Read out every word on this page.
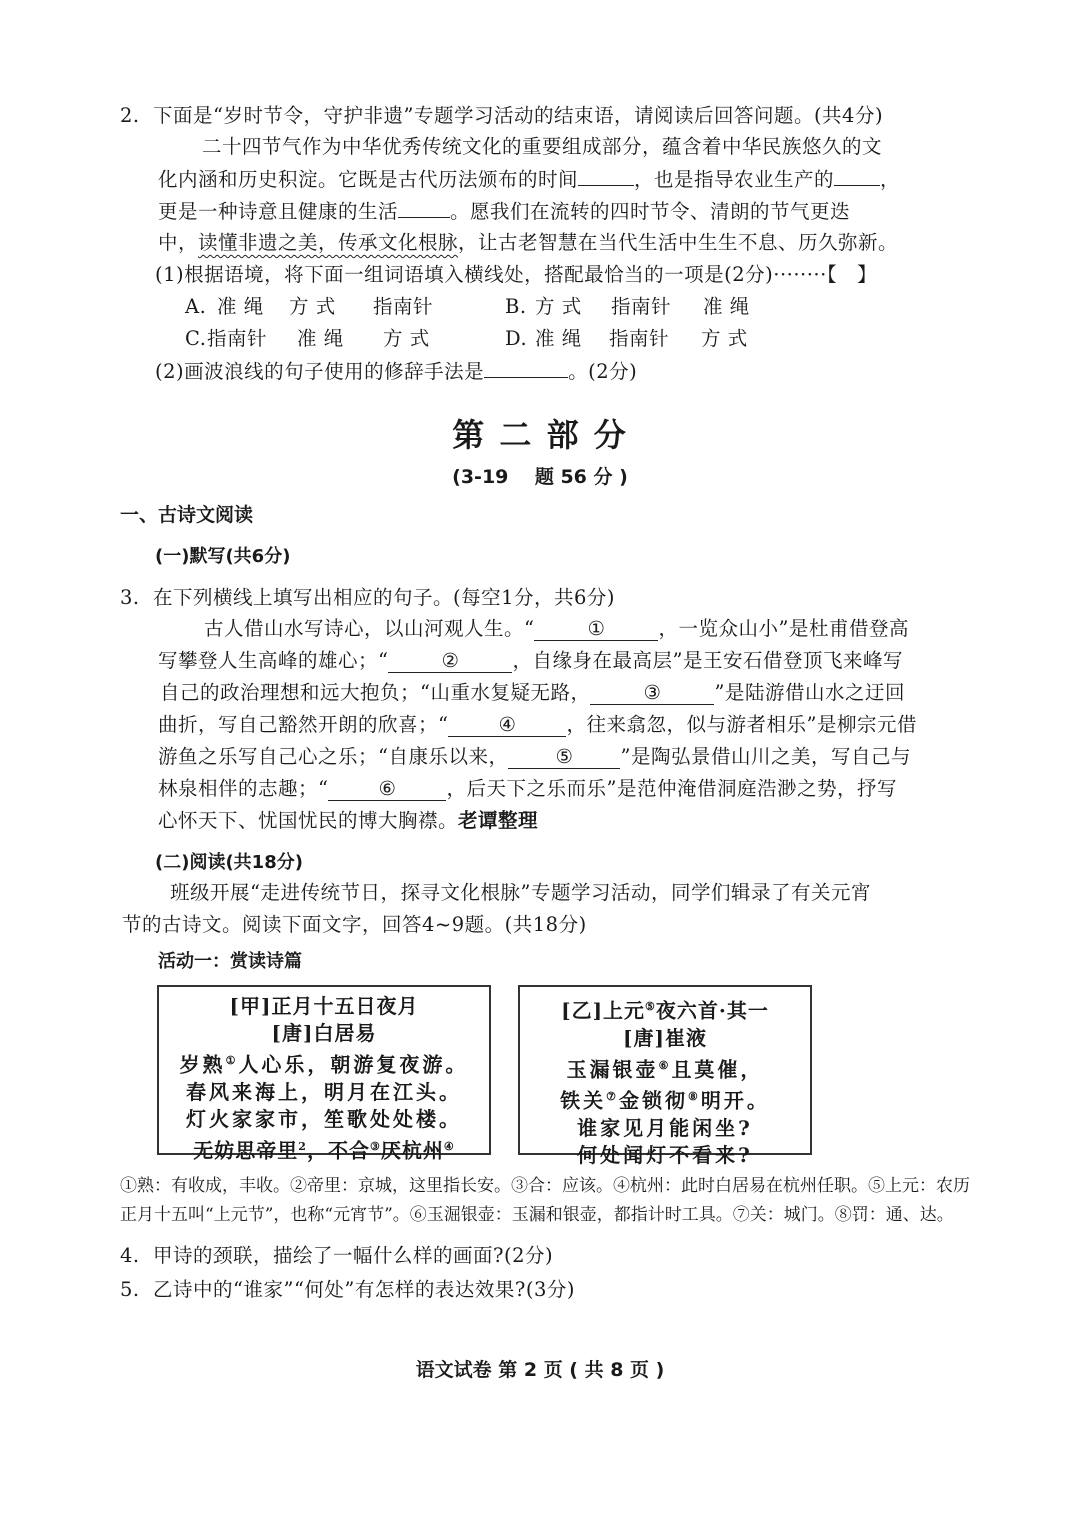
2.  下面是“岁时节令，守护非遗”专题学习活动的结束语，请阅读后回答问题。(共4分)
二十四节气作为中华优秀传统文化的重要组成部分，蕴含着中华民族悠久的文
化内涵和历史积淀。它既是古代历法颁布的时间	，也是指导农业生产的 ，
更是一种诗意且健康的生活	。愿我们在流转的四时节令、清朗的节气更迭
中，读懂非遗之美，传承文化根脉，让古老智慧在当代生活中生生不息、历久弥新。
(1)根据语境，将下面一组词语填入横线处，搭配最恰当的一项是(2分)········【   】
A. 准 绳 方 式 指南针	B. 方 式 指南针 准 绳
C.指南针 准 绳 方 式	D. 准 绳 指南针 方 式
(2)画波浪线的句子使用的修辞手法是	。(2分)
第 二 部 分
(3-19    题 56 分 )
一、古诗文阅读
(一)默写(共6分)
3.  在下列横线上填写出相应的句子。(每空1分，共6分)
古人借山水写诗心，以山河观人生。“	①	，一览众山小”是杜甫借登高
写攀登人生高峰的雄心；“	②	，自缘身在最高层”是王安石借登顶飞来峰写
自己的政治理想和远大抱负；“山重水复疑无路，	③	”是陆游借山水之迂回
曲折，写自己豁然开朗的欣喜；“	④	，往来翕忽，似与游者相乐”是柳宗元借
游鱼之乐写自己心之乐；“自康乐以来， ⑤ ”是陶弘景借山川之美，写自己与
林泉相伴的志趣；“	⑥	，后天下之乐而乐”是范仲淹借洞庭浩渺之势，抒写
心怀天下、忧国忧民的博大胸襟。老谭整理
(二)阅读(共18分)
班级开展“走进传统节日，探寻文化根脉”专题学习活动，同学们辑录了有关元宵
节的古诗文。阅读下面文字，回答4~9题。(共18分)
活动一：赏读诗篇
[甲]正月十五日夜月
[唐]白居易
岁熟①人心乐，朝游复夜游。
春风来海上，明月在江头。
灯火家家市，笙歌处处楼。
无妨思帝里$^2$，不合③厌杭州④
[乙]上元⑤夜六首·其一
[唐]崔液
玉漏银壶⑥且莫催，
铁关⑦金锁彻⑧明开。
谁家见月能闲坐?
何处闻灯不看来?
①熟：有收成，丰收。②帝里：京城，这里指长安。③合：应该。④杭州：此时白居易在杭州任职。⑤上元：农历
正月十五叫“上元节”，也称“元宵节”。⑥玉淈银壶：玉漏和银壶，都指计时工具。⑦关：城门。⑧罚：通、达。
4.  甲诗的颈联，描绘了一幅什么样的画面?(2分)
5.  乙诗中的“谁家”“何处”有怎样的表达效果?(3分)
语文试卷 第 2 页 ( 共 8 页 )
